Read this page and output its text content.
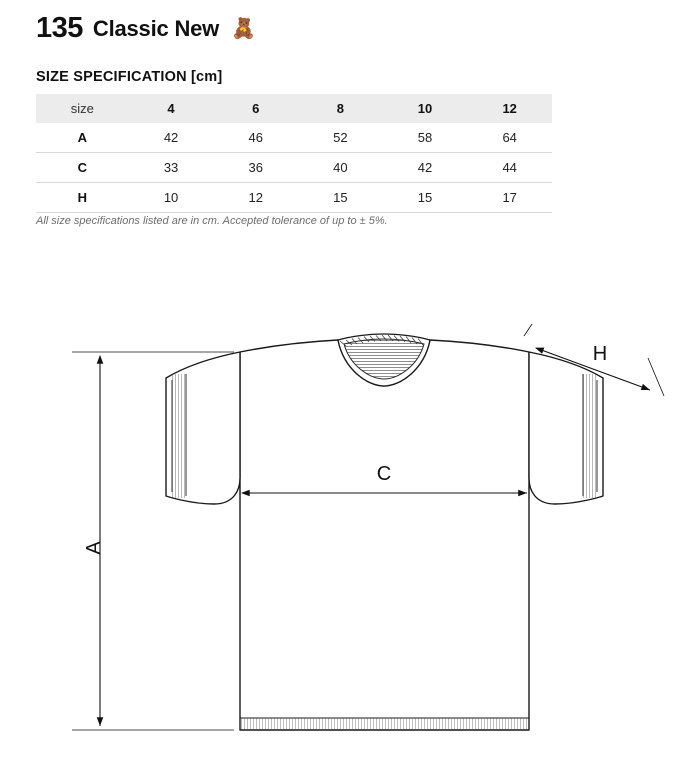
135 Classic New 🧸
SIZE SPECIFICATION [cm]
size	4	6	8	10	12
A	42	46	52	58	64
C	33	36	40	42	44
H	10	12	15	15	17
All size specifications listed are in cm. Accepted tolerance of up to ± 5%.
A
C
H
